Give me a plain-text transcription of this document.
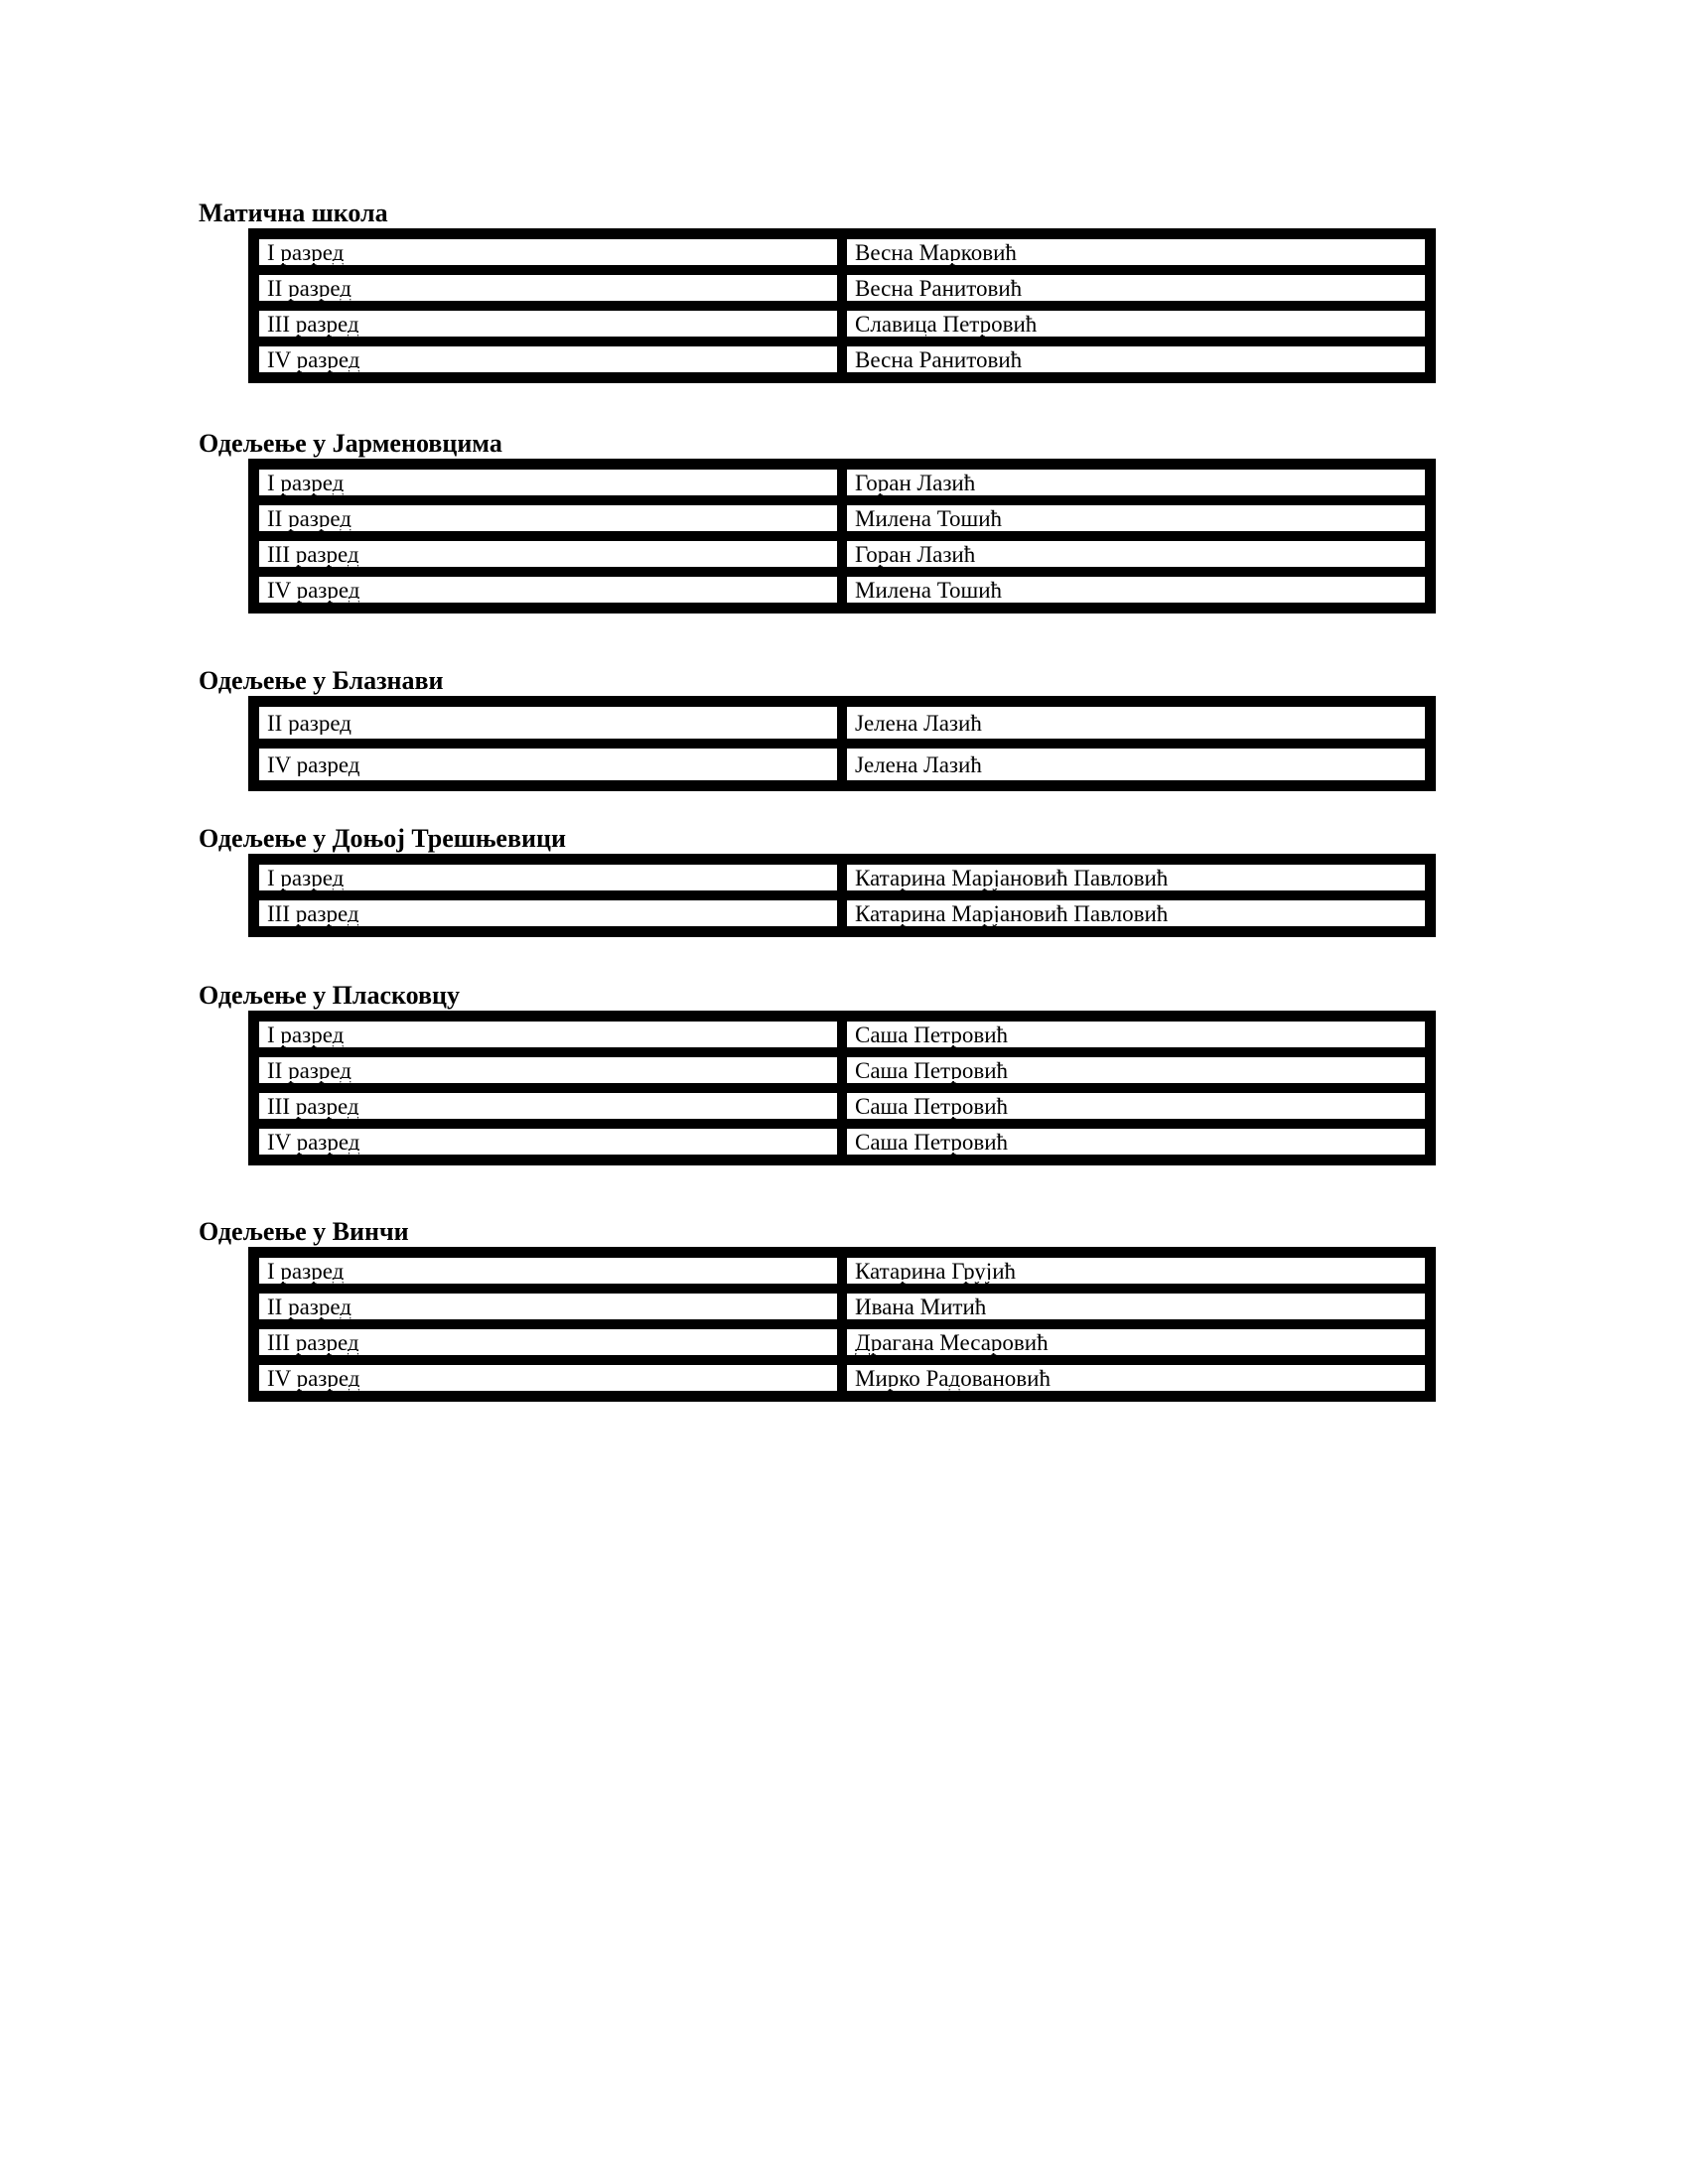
Матична школа
I разред	Весна Марковић
II разред	Весна Ранитовић
III разред	Славица Петровић
IV разред	Весна Ранитовић
Одељење у Јарменовцима
I разред	Горан Лазић
II разред	Милена Тошић
III разред	Горан Лазић
IV разред	Милена Тошић
Одељење у Блазнави
II разред	Јелена Лазић
IV разред	Јелена Лазић
Одељење у Доњој Трешњевици
I разред	Катарина Марјановић Павловић
III разред	Катарина Марјановић Павловић
Одељење у Пласковцу
I разред	Саша Петровић
II разред	Саша Петровић
III разред	Саша Петровић
IV разред	Саша Петровић
Одељење у Винчи
I разред	Катарина Грујић
II разред	Ивана Митић
III разред	Драгана Месаровић
IV разред	Мирко Радовановић
